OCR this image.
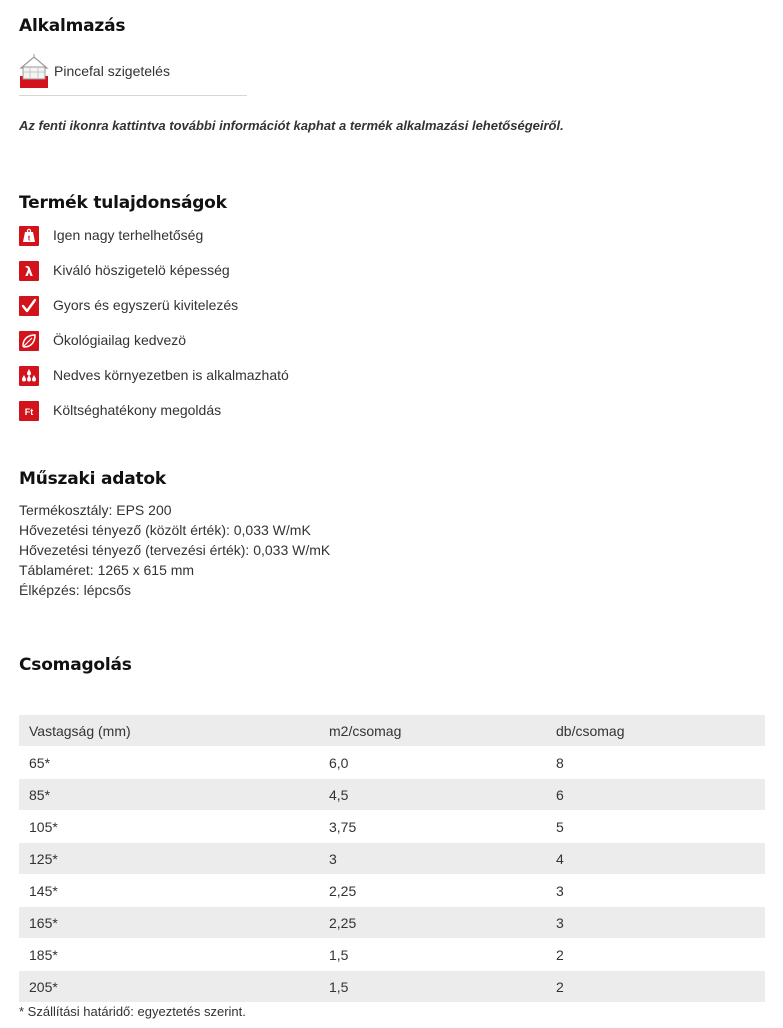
Alkalmazás
Pincefal szigetelés
Az fenti ikonra kattintva további információt kaphat a termék alkalmazási lehetőségeiről.
Termék tulajdonságok
t Igen nagy terhelhetőség
λ Kiváló höszigetelö képesség
Gyors és egyszerü kivitelezés
Ökológiailag kedvezö
Nedves környezetben is alkalmazható
Ft Költséghatékony megoldás
Műszaki adatok
Termékosztály: EPS 200
Hővezetési tényező (közölt érték): 0,033 W/mK
Hővezetési tényező (tervezési érték): 0,033 W/mK
Táblaméret: 1265 x 615 mm
Élképzés: lépcsős
Csomagolás
Vastagság (mm)	m2/csomag	db/csomag
65*	6,0	8
85*	4,5	6
105*	3,75	5
125*	3	4
145*	2,25	3
165*	2,25	3
185*	1,5	2
205*	1,5	2
* Szállítási határidő: egyeztetés szerint.
